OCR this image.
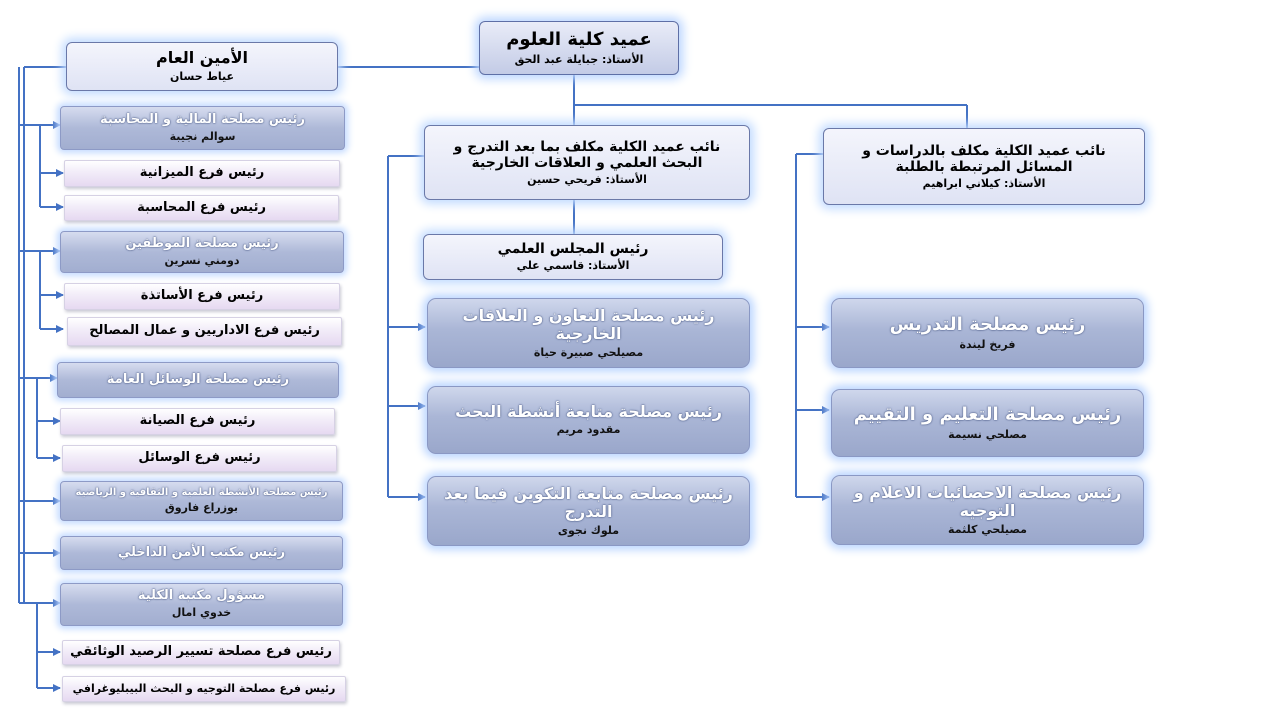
عميد كلية العلوم
الأستاذ: جبايلة عبد الحق
الأمين العام
عياط حسان
نائب عميد الكلية مكلف بما بعد التدرج و البحث العلمي و العلاقات الخارجية
الأستاذ: فريحي حسين
نائب عميد الكلية مكلف بالدراسات و المسائل المرتبطة بالطلبة
الأستاذ: كيلاني ابراهيم
رئيس المجلس العلمي
الأستاذ: قاسمي علي
رئيس مصلحة التعاون و العلاقات الخارجية
مصيلحي صبيرة حياة
رئيس مصلحة متابعة أنشطة البحث
مقدود مريم
رئيس مصلحة متابعة التكوين فيما بعد التدرج
ملوك نجوى
رئيس مصلحة التدريس
فريخ ليندة
رئيس مصلحة التعليم و التقييم
مصلحي نسيمة
رئيس مصلحة الاحصائيات الاعلام و التوجيه
مصيلحي كلثمة
رئيس مصلحة المالية و المحاسبة
سوالم نجيبة
رئيس فرع الميزانية
رئيس فرع المحاسبة
رئيس مصلحة الموظفين
دومني نسرين
رئيس فرع الأساتذة
رئيس فرع الاداريين و عمال المصالح
رئيس مصلحة الوسائل العامة
رئيس فرع الصيانة
رئيس فرع الوسائل
رئيس مصلحة الأنشطة العلمية و الثقافية و الرياضية
بوزراع فاروق
رئيس مكتب الأمن الداخلي
مسؤول مكتبة الكلية
خدوي امال
رئيس فرع مصلحة تسيير الرصيد الوثائقي
رئيس فرع مصلحة التوجيه و البحث البيبليوغرافي
